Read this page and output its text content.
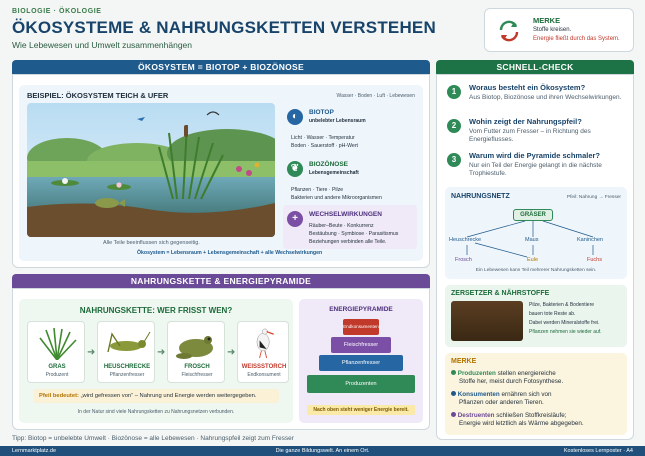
BIOLOGIE · ÖKOLOGIE
ÖKOSYSTEME & NAHRUNGSKETTEN VERSTEHEN
Wie Lebewesen und Umwelt zusammenhängen
MERKE
Stoffe kreisen.
Energie fließt durch das System.
ÖKOSYSTEM = BIOTOP + BIOZÖNOSE
BEISPIEL: ÖKOSYSTEM TEICH & UFER	Wasser · Boden · Luft · Lebewesen
Alle Teile beeinflussen sich gegenseitig.
Ökosystem = Lebensraum + Lebensgemeinschaft + alle Wechselwirkungen
◐	BIOTOP
unbelebter Lebensraum
Licht · Wasser · Temperatur
Boden · Sauerstoff · pH-Wert
❦	BIOZÖNOSE
Lebensgemeinschaft
Pflanzen · Tiere · Pilze
Bakterien und andere Mikroorganismen
+	WECHSELWIRKUNGEN
Räuber–Beute · Konkurrenz
Bestäubung · Symbiose · Parasitismus
Beziehungen verbinden alle Teile.
SCHNELL-CHECK
1	Woraus besteht ein Ökosystem?
Aus Biotop, Biozönose und ihren Wechselwirkungen.
2	Wohin zeigt der Nahrungspfeil?
Vom Futter zum Fresser – in Richtung des Energieflusses.
3	Warum wird die Pyramide schmaler?
Nur ein Teil der Energie gelangt in die nächste Trophiestufe.
NAHRUNGSNETZ	Pfeil: Nahrung → Fresser
GRÄSER
Heuschrecke	Maus	Kaninchen
Frosch	Eule	Fuchs
Ein Lebewesen kann Teil mehrerer Nahrungsketten sein.
ZERSETZER & NÄHRSTOFFE
Pilze, Bakterien & Bodentiere
bauen tote Reste ab.
Dabei werden Mineralstoffe frei.
Pflanzen nehmen sie wieder auf.
MERKE
Produzenten stellen energiereiche
Stoffe her, meist durch Fotosynthese.
Konsumenten ernähren sich von
Pflanzen oder anderen Tieren.
Destruenten schließen Stoffkreisläufe;
Energie wird letztlich als Wärme abgegeben.
NAHRUNGSKETTE & ENERGIEPYRAMIDE
NAHRUNGSKETTE: WER FRISST WEN?
GRAS
Produzent
➜
HEUSCHRECKE
Pflanzenfresser
➜
FROSCH
Fleischfresser
➜
WEISSSTORCH
Endkonsument
Pfeil bedeutet: „wird gefressen von“ – Nahrung und Energie werden weitergegeben.
In der Natur sind viele Nahrungsketten zu Nahrungsnetzen verbunden.
ENERGIEPYRAMIDE
Endkonsumenten
Fleischfresser
Pflanzenfresser
Produzenten
Nach oben steht weniger Energie bereit.
Tipp: Biotop = unbelebte Umwelt · Biozönose = alle Lebewesen · Nahrungspfeil zeigt zum Fresser
Lernmarktplatz.de	Die ganze Bildungswelt. An einem Ort.	Kostenloses Lernposter · A4
